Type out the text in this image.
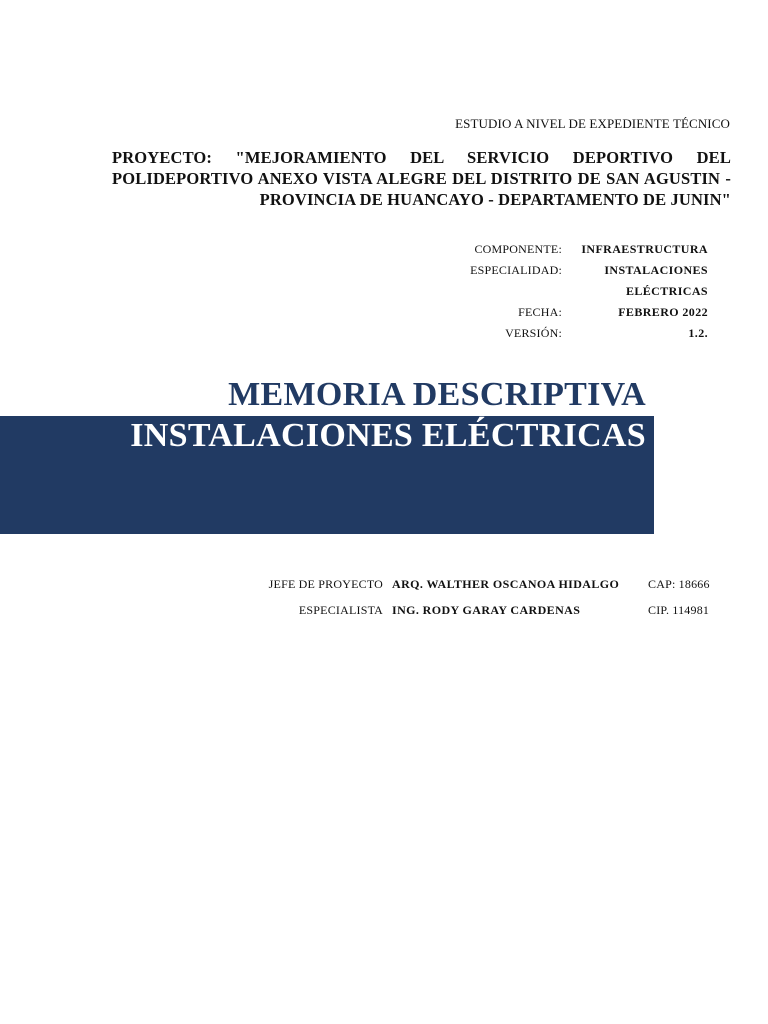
ESTUDIO A NIVEL DE EXPEDIENTE TÉCNICO
PROYECTO: "MEJORAMIENTO DEL SERVICIO DEPORTIVO DEL POLIDEPORTIVO ANEXO VISTA ALEGRE DEL DISTRITO DE SAN AGUSTIN - PROVINCIA DE HUANCAYO - DEPARTAMENTO DE JUNIN"
COMPONENTE:	INFRAESTRUCTURA
ESPECIALIDAD:	INSTALACIONES ELÉCTRICAS
FECHA:	FEBRERO 2022
VERSIÓN:	1.2.
MEMORIA DESCRIPTIVA
INSTALACIONES ELÉCTRICAS
JEFE DE PROYECTO ARQ. WALTHER OSCANOA HIDALGO	CAP: 18666
ESPECIALISTA ING. RODY GARAY CARDENAS	CIP. 114981
